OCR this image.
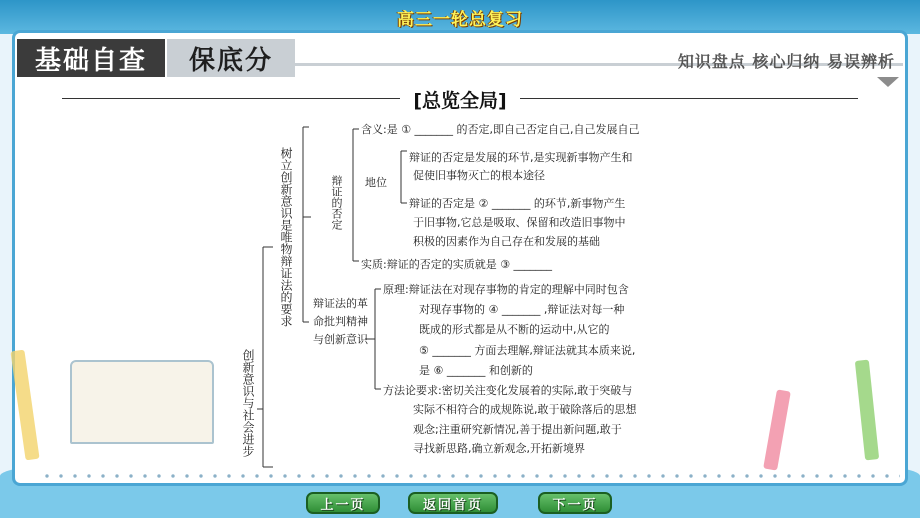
高三一轮总复习
基础自查	保底分	知识盘点 核心归纳 易误辨析
[总览全局]
创新意识与社会进步
树立创新意识是唯物辩证法的要求	辩证的否定
辩证法的革命批判精神与创新意识
含义:是 ① _______ 的否定,即自己否定自己,自己发展自己
地位
辩证的否定是发展的环节,是实现新事物产生和
促使旧事物灭亡的根本途径
辩证的否定是 ② _______ 的环节,新事物产生
于旧事物,它总是吸取、保留和改造旧事物中
积极的因素作为自己存在和发展的基础
实质:辩证的否定的实质就是 ③ _______
原理:辩证法在对现存事物的肯定的理解中同时包含
对现存事物的 ④ _______ ,辩证法对每一种
既成的形式都是从不断的运动中,从它的
⑤ _______ 方面去理解,辩证法就其本质来说,
是 ⑥ _______ 和创新的
方法论要求:密切关注变化发展着的实际,敢于突破与
实际不相符合的成规陈说,敢于破除落后的思想
观念;注重研究新情况,善于提出新问题,敢于
寻找新思路,确立新观念,开拓新境界
上一页	返回首页	下一页
